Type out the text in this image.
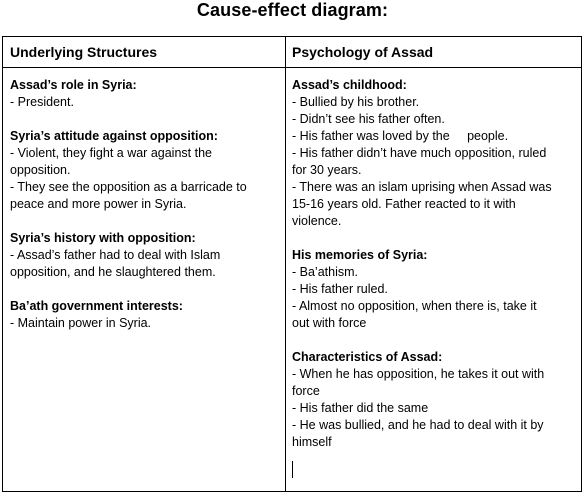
Cause-effect diagram:
Underlying Structures	Psychology of Assad
Assad’s role in Syria:
- President.
Syria’s attitude against opposition:
- Violent, they fight a war against the
opposition.
- They see the opposition as a barricade to
peace and more power in Syria.
Syria’s history with opposition:
- Assad’s father had to deal with Islam
opposition, and he slaughtered them.
Ba’ath government interests:
- Maintain power in Syria.
Assad’s childhood:
- Bullied by his brother.
- Didn’t see his father often.
- His father was loved by the     people.
- His father didn’t have much opposition, ruled
for 30 years.
- There was an islam uprising when Assad was
15-16 years old. Father reacted to it with
violence.
His memories of Syria:
- Ba’athism.
- His father ruled.
- Almost no opposition, when there is, take it
out with force
Characteristics of Assad:
- When he has opposition, he takes it out with
force
- His father did the same
- He was bullied, and he had to deal with it by
himself
